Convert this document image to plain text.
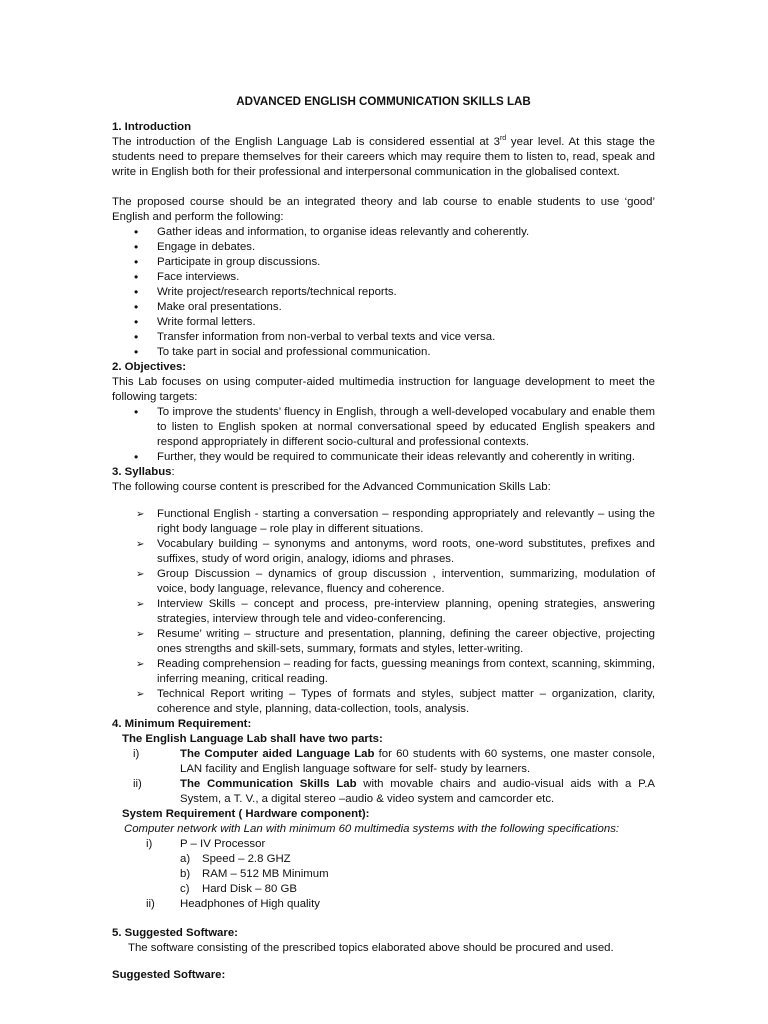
ADVANCED ENGLISH COMMUNICATION SKILLS LAB
1. Introduction

The introduction of the English Language Lab is considered essential at 3rd year level. At this stage the students need to prepare themselves for their careers which may require them to listen to, read, speak and write in English both for their professional and interpersonal communication in the globalised context.

The proposed course should be an integrated theory and lab course to enable students to use ‘good’ English and perform the following:

• Gather ideas and information, to organise ideas relevantly and coherently.
• Engage in debates.
• Participate in group discussions.
• Face interviews.
• Write project/research reports/technical reports.
• Make oral presentations.
• Write formal letters.
• Transfer information from non-verbal to verbal texts and vice versa.
• To take part in social and professional communication.
2. Objectives:

This Lab focuses on using computer-aided multimedia instruction for language development to meet the following targets:

• To improve the students’ fluency in English, through a well-developed vocabulary and enable them to listen to English spoken at normal conversational speed by educated English speakers and respond appropriately in different socio-cultural and professional contexts.
• Further, they would be required to communicate their ideas relevantly and coherently in writing.
3. Syllabus:

The following course content is prescribed for the Advanced Communication Skills Lab:

➢ Functional English - starting a conversation – responding appropriately and relevantly – using the right body language – role play in different situations.
➢ Vocabulary building – synonyms and antonyms, word roots, one-word substitutes, prefixes and suffixes, study of word origin, analogy, idioms and phrases.
➢ Group Discussion – dynamics of group discussion , intervention, summarizing, modulation of voice, body language, relevance, fluency and coherence.
➢ Interview Skills – concept and process, pre-interview planning, opening strategies, answering strategies, interview through tele and video-conferencing.
➢ Resume’ writing – structure and presentation, planning, defining the career objective, projecting ones strengths and skill-sets, summary, formats and styles, letter-writing.
➢ Reading comprehension – reading for facts, guessing meanings from context, scanning, skimming, inferring meaning, critical reading.
➢ Technical Report writing – Types of formats and styles, subject matter – organization, clarity, coherence and style, planning, data-collection, tools, analysis.
4. Minimum Requirement:
The English Language Lab shall have two parts:
i)	The Computer aided Language Lab for 60 students with 60 systems, one master console, LAN facility and English language software for self- study by learners.
ii)	The Communication Skills Lab with movable chairs and audio-visual aids with a P.A System, a T. V., a digital stereo –audio & video system and camcorder etc.
System Requirement ( Hardware component):
Computer network with Lan with minimum 60 multimedia systems with the following specifications:
i) P – IV Processor
a) Speed – 2.8 GHZ
b) RAM – 512 MB Minimum
c) Hard Disk – 80 GB
ii) Headphones of High quality
5. Suggested Software:

The software consisting of the prescribed topics elaborated above should be procured and used.

Suggested Software:
